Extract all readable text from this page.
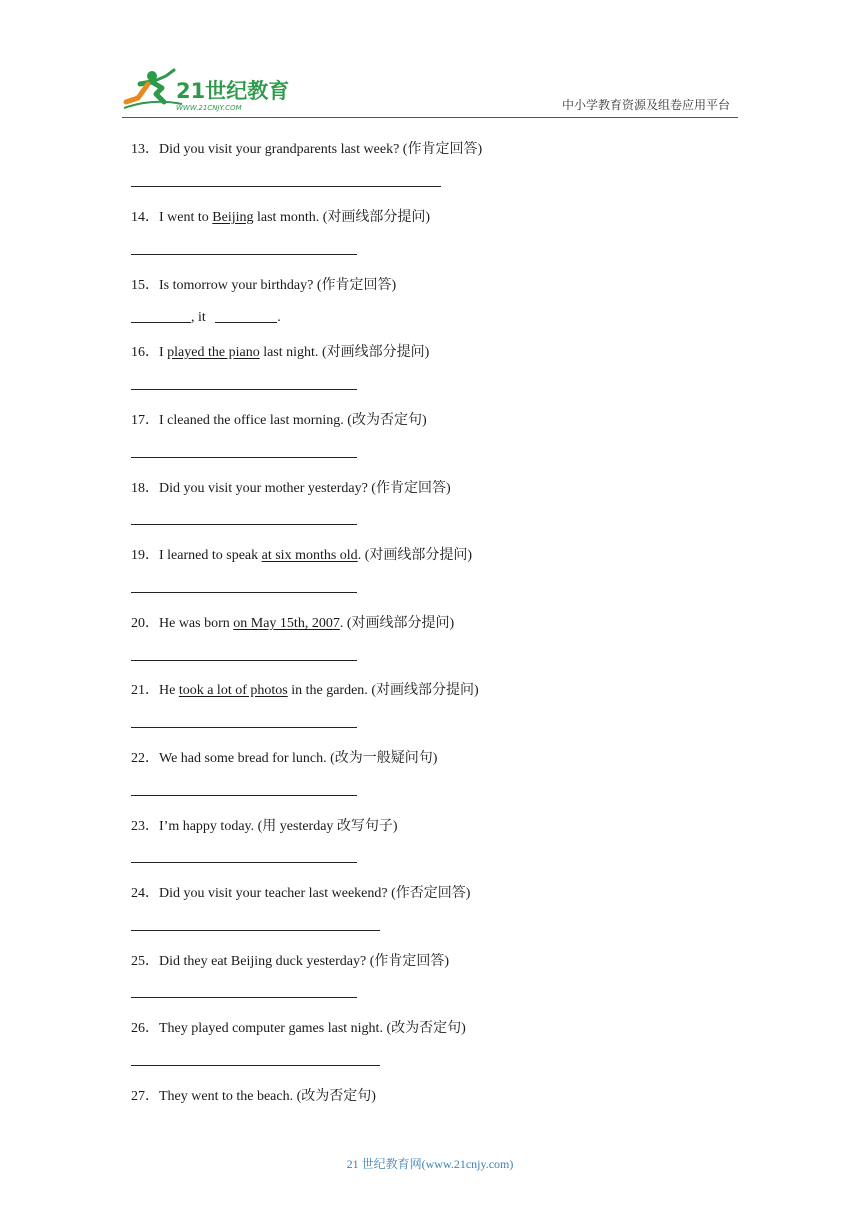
21世纪教育
WWW.21CNJY.COM	中小学教育资源及组卷应用平台
13．Did you visit your grandparents last week? (作肯定回答)
14．I went to Beijing last month. (对画线部分提问)
15．Is tomorrow your birthday? (作肯定回答)
, it	.
16．I played the piano last night. (对画线部分提问)
17．I cleaned the office last morning. (改为否定句)
18．Did you visit your mother yesterday? (作肯定回答)
19．I learned to speak at six months old. (对画线部分提问)
20．He was born on May 15th, 2007. (对画线部分提问)
21．He took a lot of photos in the garden. (对画线部分提问)
22．We had some bread for lunch. (改为一般疑问句)
23．I’m happy today. (用 yesterday 改写句子)
24．Did you visit your teacher last weekend? (作否定回答)
25．Did they eat Beijing duck yesterday? (作肯定回答)
26．They played computer games last night. (改为否定句)
27．They went to the beach. (改为否定句)
21 世纪教育网(www.21cnjy.com)
